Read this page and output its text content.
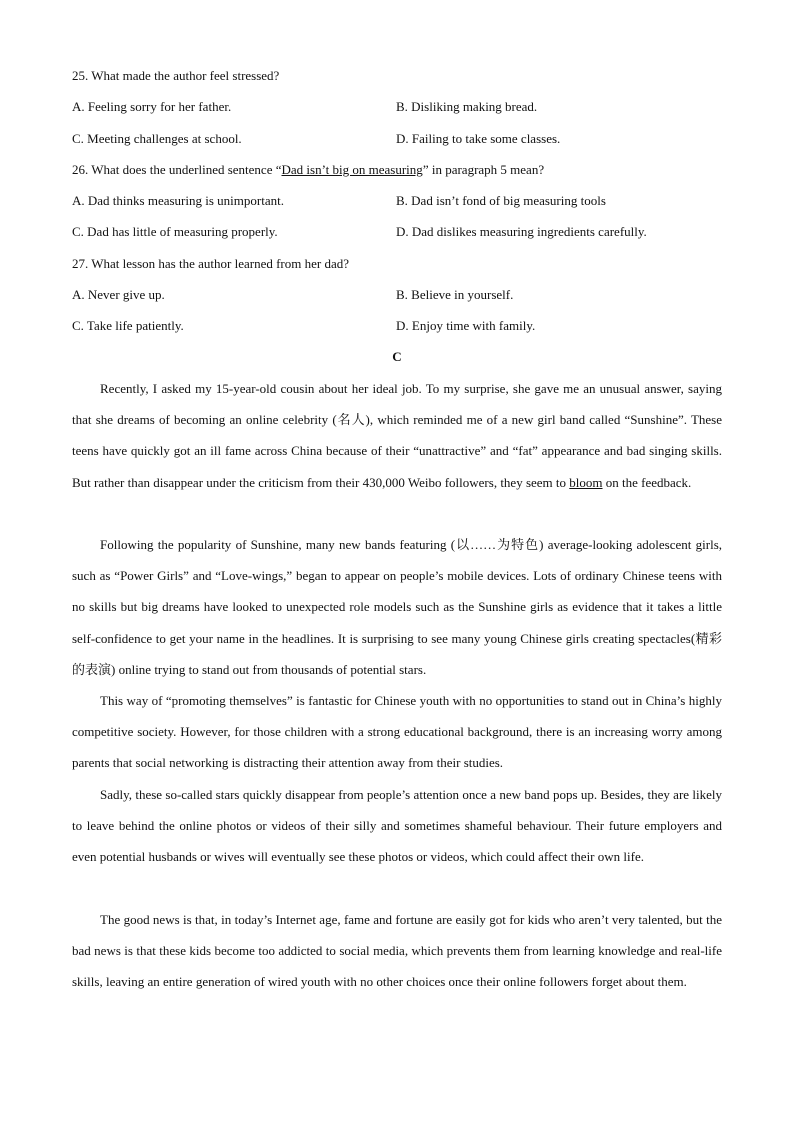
25. What made the author feel stressed?
A. Feeling sorry for her father.	B. Disliking making bread.
C. Meeting challenges at school.	D. Failing to take some classes.
26. What does the underlined sentence “Dad isn’t big on measuring” in paragraph 5 mean?
A. Dad thinks measuring is unimportant.	B. Dad isn’t fond of big measuring tools
C. Dad has little of measuring properly.	D. Dad dislikes measuring ingredients carefully.
27. What lesson has the author learned from her dad?
A. Never give up.	B. Believe in yourself.
C. Take life patiently.	D. Enjoy time with family.
C

Recently, I asked my 15-year-old cousin about her ideal job. To my surprise, she gave me an unusual answer, saying that she dreams of becoming an online celebrity (名人), which reminded me of a new girl band called “Sunshine”. These teens have quickly got an ill fame across China because of their “unattractive” and “fat” appearance and bad singing skills. But rather than disappear under the criticism from their 430,000 Weibo followers, they seem to bloom on the feedback.

Following the popularity of Sunshine, many new bands featuring (以……为特色) average-looking adolescent girls, such as “Power Girls” and “Love-wings,” began to appear on people’s mobile devices. Lots of ordinary Chinese teens with no skills but big dreams have looked to unexpected role models such as the Sunshine girls as evidence that it takes a little self-confidence to get your name in the headlines. It is surprising to see many young Chinese girls creating spectacles(精彩的表演) online trying to stand out from thousands of potential stars.

This way of “promoting themselves” is fantastic for Chinese youth with no opportunities to stand out in China’s highly competitive society. However, for those children with a strong educational background, there is an increasing worry among parents that social networking is distracting their attention away from their studies.

Sadly, these so-called stars quickly disappear from people’s attention once a new band pops up. Besides, they are likely to leave behind the online photos or videos of their silly and sometimes shameful behaviour. Their future employers and even potential husbands or wives will eventually see these photos or videos, which could affect their own life.

The good news is that, in today’s Internet age, fame and fortune are easily got for kids who aren’t very talented, but the bad news is that these kids become too addicted to social media, which prevents them from learning knowledge and real-life skills, leaving an entire generation of wired youth with no other choices once their online followers forget about them.
